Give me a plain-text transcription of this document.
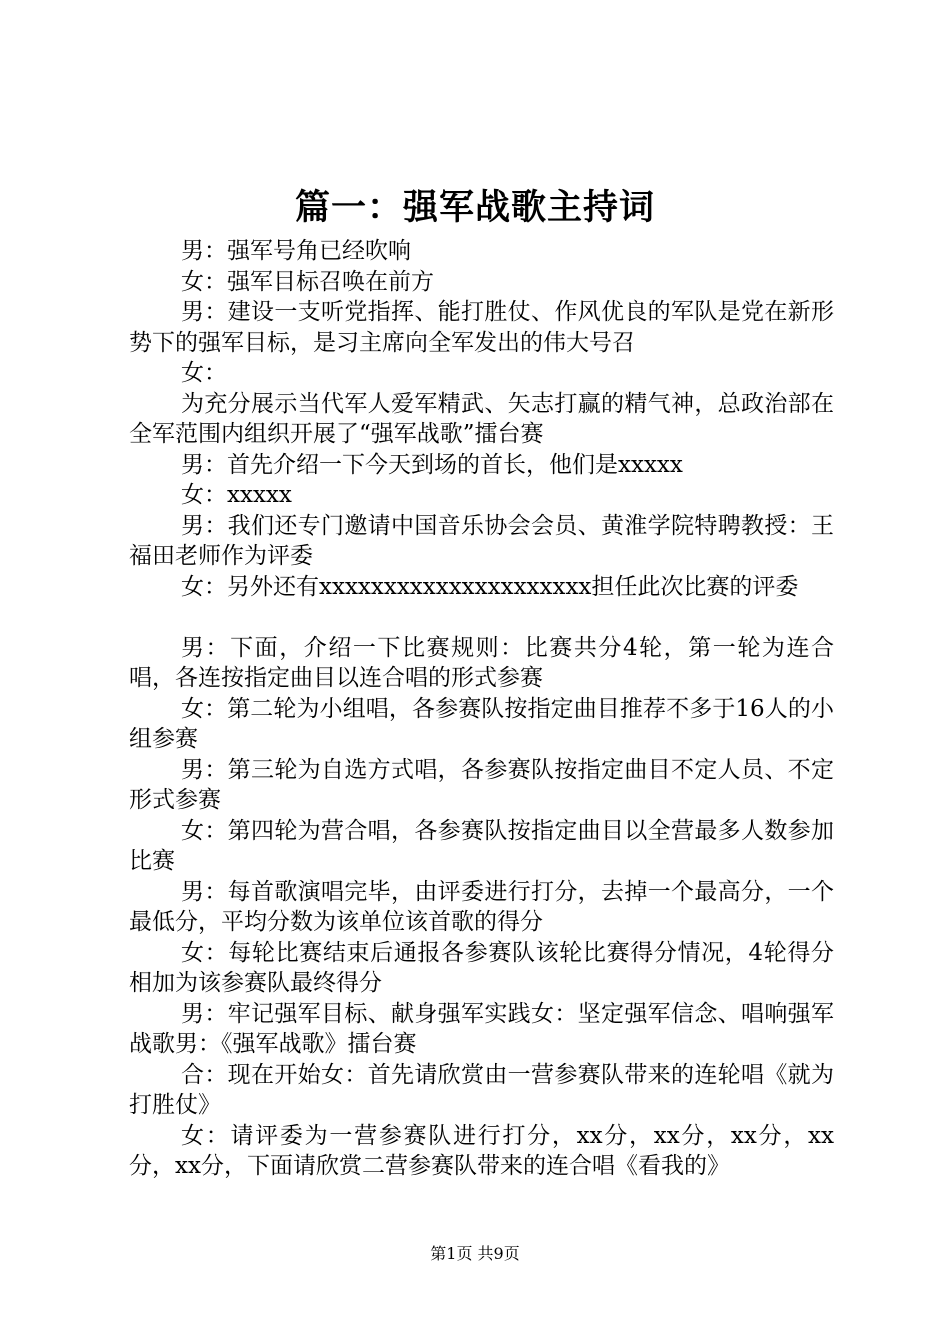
篇一：强军战歌主持词

男：强军号角已经吹响

女：强军目标召唤在前方

男：建设一支听党指挥、能打胜仗、作风优良的军队是党在新形势下的强军目标，是习主席向全军发出的伟大号召

女：

为充分展示当代军人爱军精武、矢志打赢的精气神，总政治部在全军范围内组织开展了“强军战歌”擂台赛

男：首先介绍一下今天到场的首长，他们是xxxxx

女：xxxxx

男：我们还专门邀请中国音乐协会会员、黄淮学院特聘教授：王福田老师作为评委

女：另外还有xxxxxxxxxxxxxxxxxxxxx担任此次比赛的评委

男：下面，介绍一下比赛规则：比赛共分4轮，第一轮为连合唱，各连按指定曲目以连合唱的形式参赛

女：第二轮为小组唱，各参赛队按指定曲目推荐不多于16人的小组参赛

男：第三轮为自选方式唱，各参赛队按指定曲目不定人员、不定形式参赛

女：第四轮为营合唱，各参赛队按指定曲目以全营最多人数参加比赛

男：每首歌演唱完毕，由评委进行打分，去掉一个最高分，一个最低分，平均分数为该单位该首歌的得分

女：每轮比赛结束后通报各参赛队该轮比赛得分情况，4轮得分相加为该参赛队最终得分

男：牢记强军目标、献身强军实践女：坚定强军信念、唱响强军战歌男：《强军战歌》擂台赛

合：现在开始女：首先请欣赏由一营参赛队带来的连轮唱《就为打胜仗》

女：请评委为一营参赛队进行打分，xx分，xx分，xx分，xx分，xx分，下面请欣赏二营参赛队带来的连合唱《看我的》

第1页 共9页
